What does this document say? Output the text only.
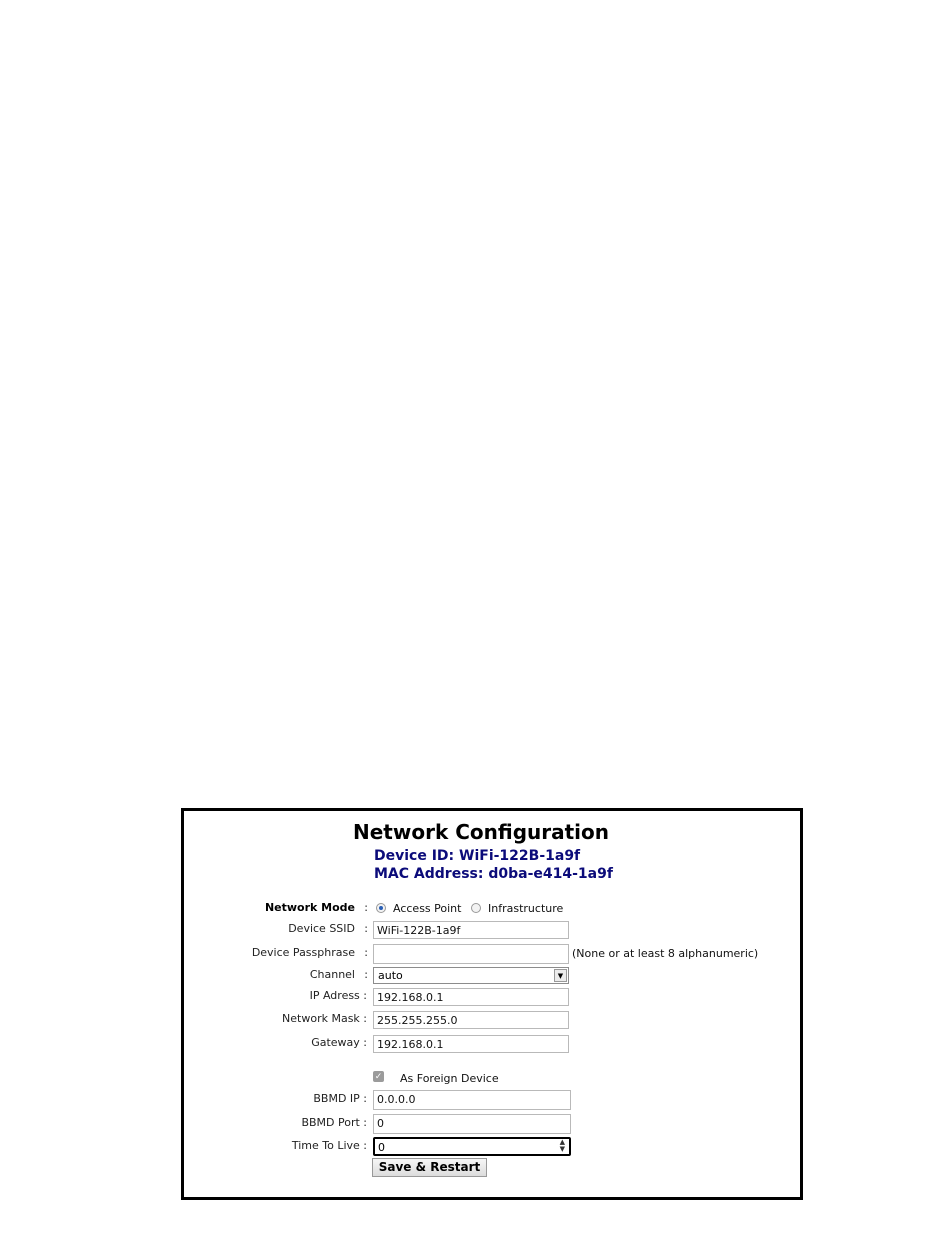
Network Configuration
Device ID: WiFi-122B-1a9f
MAC Address: d0ba-e414-1a9f
Network Mode : Access Point Infrastructure
Device SSID : WiFi-122B-1a9f
Device Passphrase :	(None or at least 8 alphanumeric)
Channel : auto	▼
IP Adress : 192.168.0.1
Network Mask : 255.255.255.0
Gateway : 192.168.0.1
✓ As Foreign Device
BBMD IP : 0.0.0.0
BBMD Port : 0
Time To Live :	0	▲
▼
Save & Restart
